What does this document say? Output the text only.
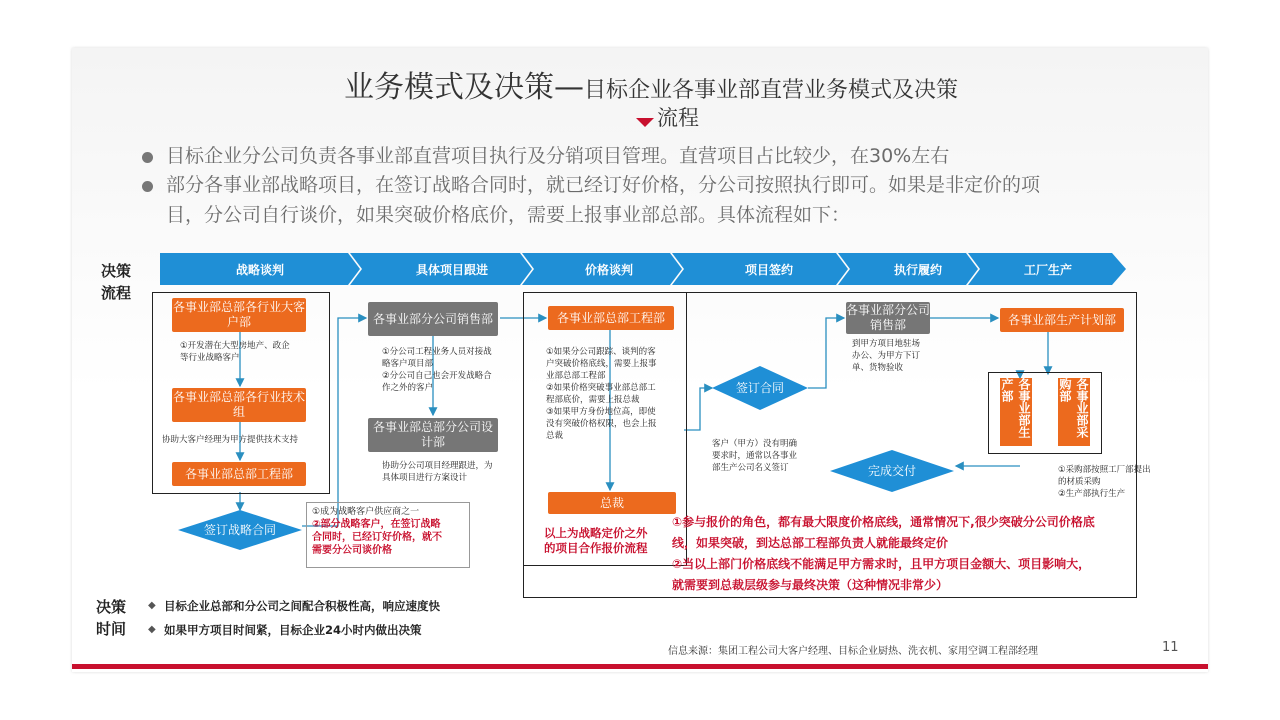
业务模式及决策—目标企业各事业部直营业务模式及决策
流程
目标企业分公司负责各事业部直营项目执行及分销项目管理。直营项目占比较少，在30%左右
部分各事业部战略项目，在签订战略合同时，就已经订好价格，分公司按照执行即可。如果是非定价的项
目，分公司自行谈价，如果突破价格底价，需要上报事业部总部。具体流程如下：
决策
流程
战略谈判	具体项目跟进	价格谈判	项目签约	执行履约	工厂生产
各事业部总部各行业大客户部
①开发潜在大型房地产、政企
等行业战略客户
各事业部总部各行业技术组
协助大客户经理为甲方提供技术支持
各事业部总部工程部
签订战略合同
各事业部分公司销售部
①分公司工程业务人员对接战
略客户项目部
②分公司自己也会开发战略合
作之外的客户
各事业部总部分公司设计部
协助分公司项目经理跟进，为
具体项目进行方案设计
①成为战略客户供应商之一
②部分战略客户，在签订战略
合同时，已经订好价格，就不
需要分公司谈价格
各事业部总部工程部
①如果分公司跟踪、谈判的客
户突破价格底线，需要上报事
业部总部工程部
②如果价格突破事业部总部工
程部底价，需要上报总裁
③如果甲方身份地位高，即使
没有突破价格权限，也会上报
总裁
总裁
以上为战略定价之外
的项目合作报价流程
①参与报价的角色，都有最大限度价格底线，通常情况下,很少突破分公司价格底
线，如果突破，到达总部工程部负责人就能最终定价
②当以上部门价格底线不能满足甲方需求时，且甲方项目金额大、项目影响大，
就需要到总裁层级参与最终决策（这种情况非常少）
签订合同
客户（甲方）没有明确
要求时，通常以各事业
部生产公司名义签订
各事业部分公司销售部
到甲方项目地驻场
办公、为甲方下订
单、货物验收
完成交付
各事业部生产计划部
各事业部生产部	各事业部采购部
①采购部按照工厂部提出
的材质采购
②生产部执行生产
决策
时间
◆ 目标企业总部和分公司之间配合积极性高，响应速度快
◆ 如果甲方项目时间紧，目标企业24小时内做出决策
信息来源：集团工程公司大客户经理、目标企业厨热、洗衣机、家用空调工程部经理	11
